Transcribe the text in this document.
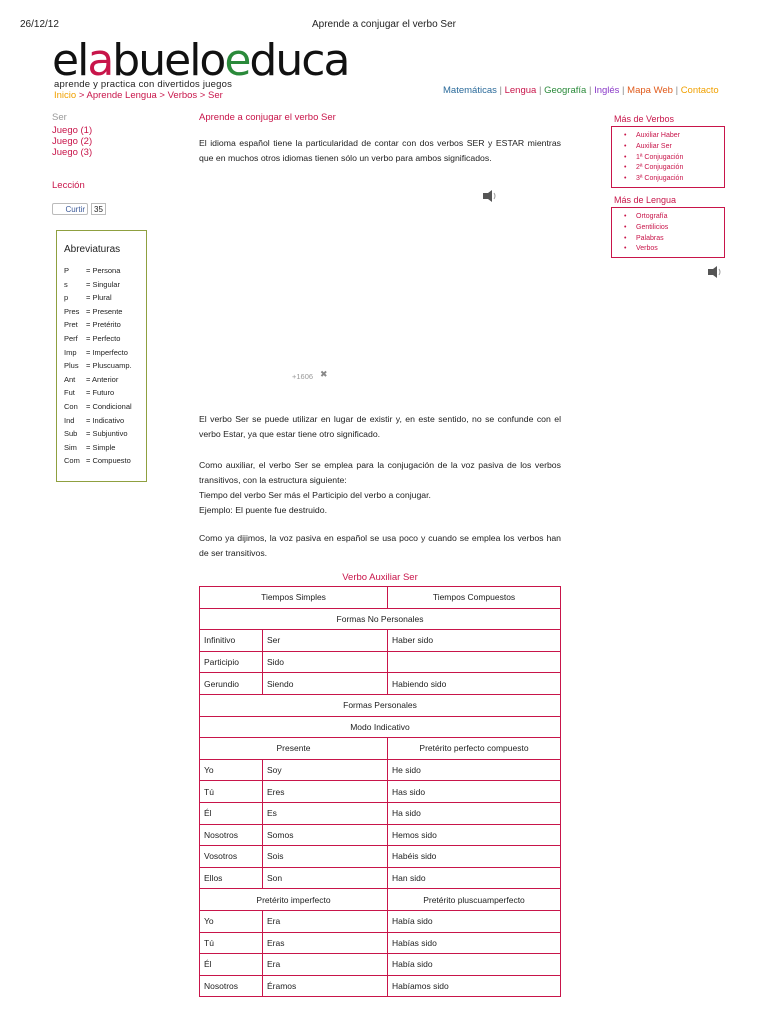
26/12/12	Aprende a conjugar el verbo Ser
elabueloeduca
aprende y practica con divertidos juegos
Inicio > Aprende Lengua > Verbos > Ser	Matemáticas | Lengua | Geografía | Inglés | Mapa Web | Contacto
Ser
Juego (1)
Juego (2)
Juego (3)
Lección
Curtir	35
Abreviaturas
P = Persona
s = Singular
p = Plural
Pres = Presente
Pret = Pretérito
Perf = Perfecto
Imp = Imperfecto
Plus = Pluscuamp.
Ant = Anterior
Fut = Futuro
Con = Condicional
Ind = Indicativo
Sub = Subjuntivo
Sim = Simple
Com = Compuesto
Aprende a conjugar el verbo Ser
El idioma español tiene la particularidad de contar con dos verbos SER y ESTAR mientras que en muchos otros idiomas tienen sólo un verbo para ambos significados.
+1606 ✖
El verbo Ser se puede utilizar en lugar de existir y, en este sentido, no se confunde con el verbo Estar, ya que estar tiene otro significado.
Como auxiliar, el verbo Ser se emplea para la conjugación de la voz pasiva de los verbos transitivos, con la estructura siguiente:
Tiempo del verbo Ser más el Participio del verbo a conjugar.
Ejemplo: El puente fue destruido.
Como ya dijimos, la voz pasiva en español se usa poco y cuando se emplea los verbos han de ser transitivos.
Más de Verbos
• Auxiliar Haber
• Auxiliar Ser
• 1ª Conjugación
• 2ª Conjugación
• 3ª Conjugación
Más de Lengua
• Ortografía
• Gentilicios
• Palabras
• Verbos
Verbo Auxiliar Ser
Tiempos Simples		Tiempos Compuestos
Formas No Personales		
Infinitivo	Ser	Haber sido
Participio	Sido	
Gerundio	Siendo	Habiendo sido
Formas Personales		
Modo Indicativo		
Presente		Pretérito perfecto compuesto
Yo	Soy	He sido
Tú	Eres	Has sido
Él	Es	Ha sido
Nosotros	Somos	Hemos sido
Vosotros	Sois	Habéis sido
Ellos	Son	Han sido
Pretérito imperfecto		Pretérito pluscuamperfecto
Yo	Era	Había sido
Tú	Eras	Habías sido
Él	Era	Había sido
Nosotros	Éramos	Habíamos sido
